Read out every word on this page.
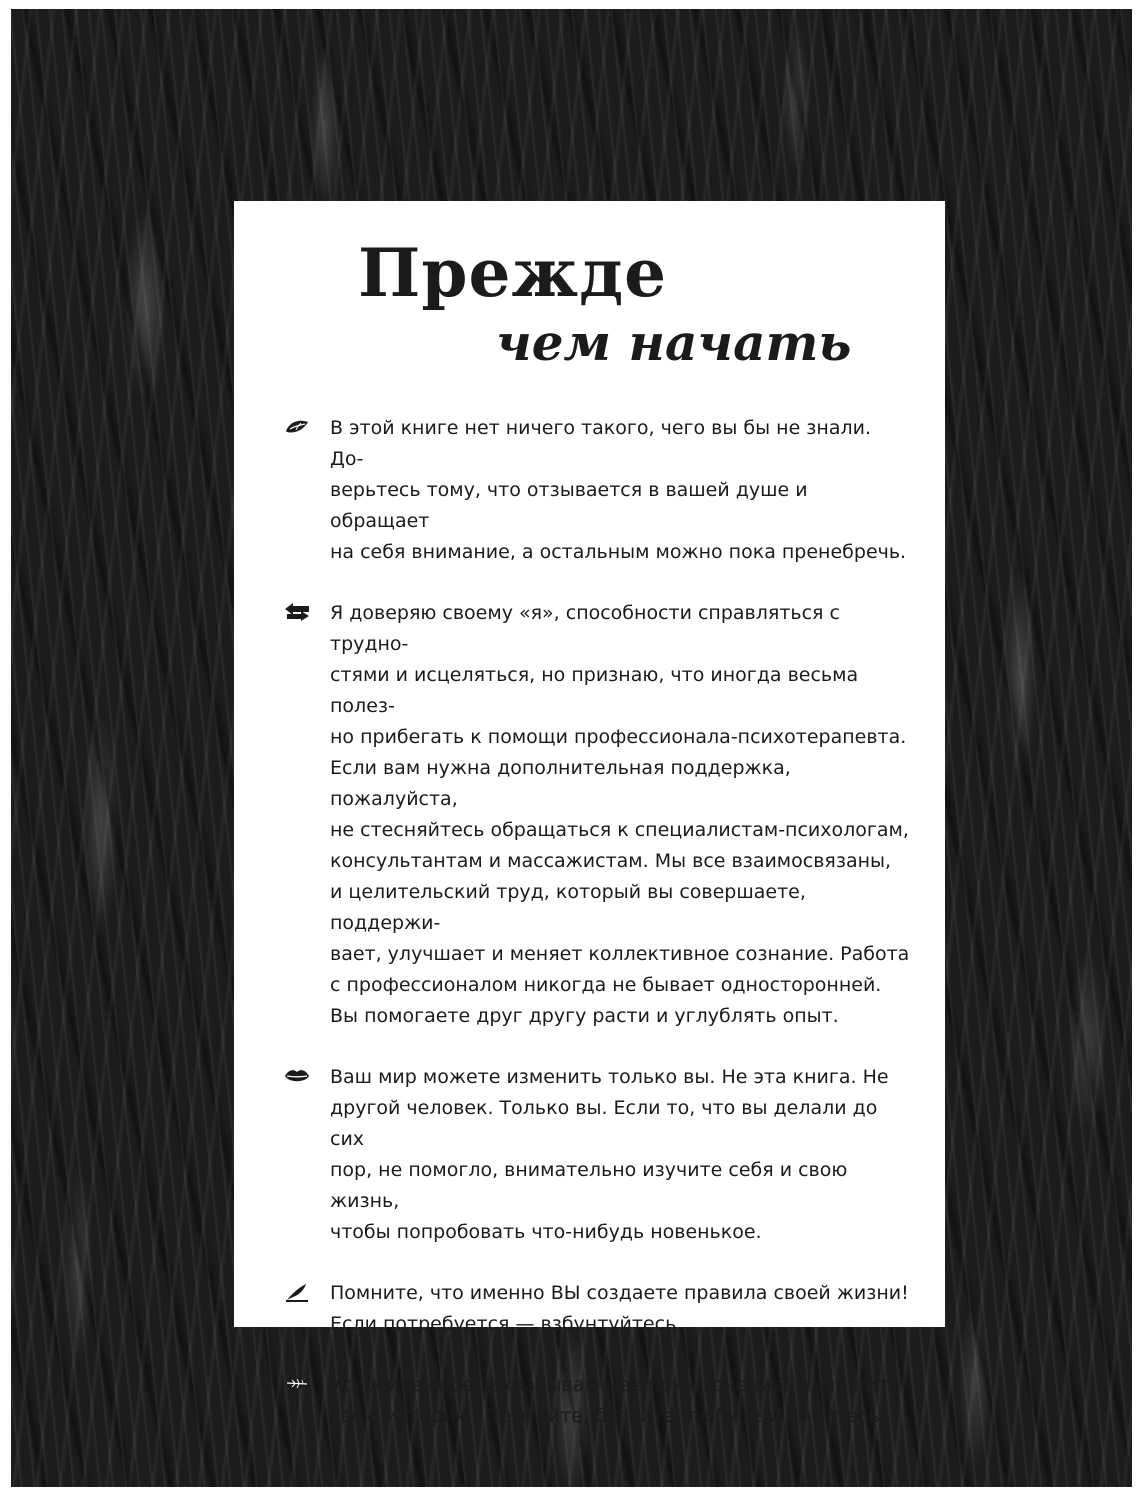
Прежде
чем начать
В этой книге нет ничего такого, чего вы бы не знали. До-
верьтесь тому, что отзывается в вашей душе и обращает
на себя внимание, а остальным можно пока пренебречь.
Я доверяю своему «я», способности справляться с трудно-
стями и исцеляться, но признаю, что иногда весьма полез-
но прибегать к помощи профессионала-психотерапевта.
Если вам нужна дополнительная поддержка, пожалуйста,
не стесняйтесь обращаться к специалистам-психологам,
консультантам и массажистам. Мы все взаимосвязаны,
и целительский труд, который вы совершаете, поддержи-
вает, улучшает и меняет коллективное сознание. Работа
с профессионалом никогда не бывает односторонней.
Вы помогаете друг другу расти и углублять опыт.
Ваш мир можете изменить только вы. Не эта книга. Не
другой человек. Только вы. Если то, что вы делали до сих
пор, не помогло, внимательно изучите себя и свою жизнь,
чтобы попробовать что-нибудь новенькое.
Помните, что именно ВЫ создаете правила своей жизни!
Если потребуется — взбунтуйтесь.
Устройте себе захватывающее приключение! Напишите
свою историю! Прыгайте, бегайте, любите и смейтесь!
